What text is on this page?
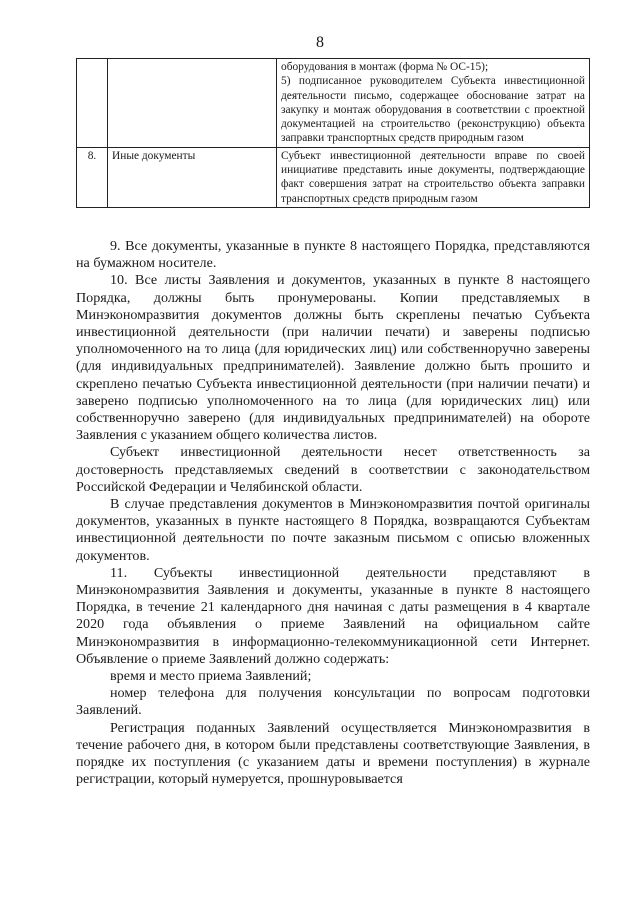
8

		оборудования в монтаж (форма № ОС-15);
5) подписанное руководителем Субъекта инвестиционной деятельности письмо, содержащее обоснование затрат на закупку и монтаж оборудования в соответствии с проектной документацией на строительство (реконструкцию) объекта заправки транспортных средств природным газом

8.	Иные документы	Субъект инвестиционной деятельности вправе по своей инициативе представить иные документы, подтверждающие факт совершения затрат на строительство объекта заправки транспортных средств природным газом

9. Все документы, указанные в пункте 8 настоящего Порядка, представляются на бумажном носителе.

10. Все листы Заявления и документов, указанных в пункте 8 настоящего Порядка, должны быть пронумерованы. Копии представляемых в Минэкономразвития документов должны быть скреплены печатью Субъекта инвестиционной деятельности (при наличии печати) и заверены подписью уполномоченного на то лица (для юридических лиц) или собственноручно заверены (для индивидуальных предпринимателей). Заявление должно быть прошито и скреплено печатью Субъекта инвестиционной деятельности (при наличии печати) и заверено подписью уполномоченного на то лица (для юридических лиц) или собственноручно заверено (для индивидуальных предпринимателей) на обороте Заявления с указанием общего количества листов.

Субъект инвестиционной деятельности несет ответственность за достоверность представляемых сведений в соответствии с законодательством Российской Федерации и Челябинской области.

В случае представления документов в Минэкономразвития почтой оригиналы документов, указанных в пункте настоящего 8 Порядка, возвращаются Субъектам инвестиционной деятельности по почте заказным письмом с описью вложенных документов.

11. Субъекты инвестиционной деятельности представляют в Минэкономразвития Заявления и документы, указанные в пункте 8 настоящего Порядка, в течение 21 календарного дня начиная с даты размещения в 4 квартале 2020 года объявления о приеме Заявлений на официальном сайте Минэкономразвития в информационно-телекоммуникационной сети Интернет. Объявление о приеме Заявлений должно содержать:

время и место приема Заявлений;

номер телефона для получения консультации по вопросам подготовки Заявлений.

Регистрация поданных Заявлений осуществляется Минэкономразвития в течение рабочего дня, в котором были представлены соответствующие Заявления, в порядке их поступления (с указанием даты и времени поступления) в журнале регистрации, который нумеруется, прошнуровывается
